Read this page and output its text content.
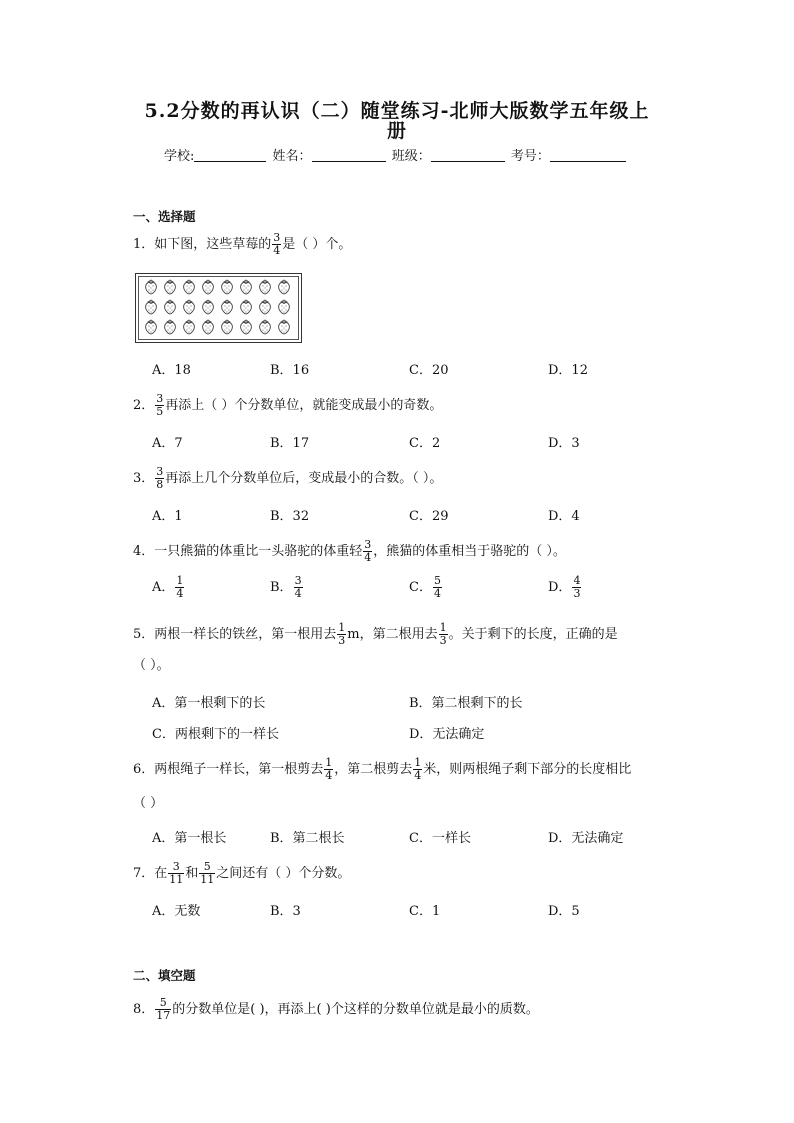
5.2分数的再认识（二）随堂练习-北师大版数学五年级上
册
学校:	姓名：	班级：	考号：
一、选择题
1．如下图，这些草莓的 $\frac{3}{4}$ 是（ ）个。
A．18	B．16	C．20	D．12
2． $\frac{3}{5}$ 再添上（ ）个分数单位，就能变成最小的奇数。
A．7	B．17	C．2	D．3
3． $\frac{3}{8}$ 再添上几个分数单位后，变成最小的合数。（ ）。
A．1	B．32	C．29	D．4
4．一只熊猫的体重比一头骆驼的体重轻 $\frac{3}{4}$ ，熊猫的体重相当于骆驼的（ ）。
A． $\frac{1}{4}$	B． $\frac{3}{4}$	C． $\frac{5}{4}$	D． $\frac{4}{3}$
5．两根一样长的铁丝，第一根用去 $\frac{1}{3}$ m，第二根用去 $\frac{1}{3}$ 。关于剩下的长度，正确的是
（ ）。
A．第一根剩下的长	B．第二根剩下的长
C．两根剩下的一样长	D．无法确定
6．两根绳子一样长，第一根剪去 $\frac{1}{4}$ ，第二根剪去 $\frac{1}{4}$ 米，则两根绳子剩下部分的长度相比
（ ）
A．第一根长	B．第二根长	C．一样长	D．无法确定
7．在 $\frac{3}{11}$ 和 $\frac{5}{11}$ 之间还有（ ）个分数。
A．无数	B．3	C．1	D．5
二、填空题
8． $\frac{5}{17}$ 的分数单位是( )，再添上( )个这样的分数单位就是最小的质数。
